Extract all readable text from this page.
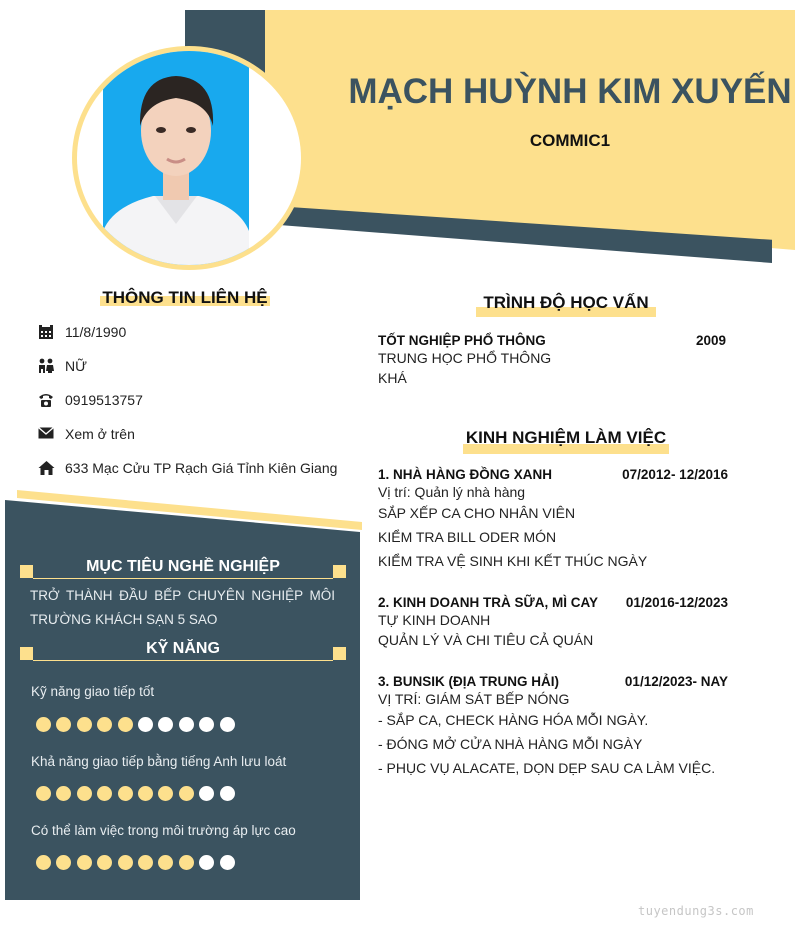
MẠCH HUỲNH KIM XUYẾN
COMMIC1
THÔNG TIN LIÊN HỆ
11/8/1990
NỮ
0919513757
Xem ở trên
633 Mạc Cửu TP Rạch Giá Tỉnh Kiên Giang
MỤC TIÊU NGHỀ NGHIỆP
TRỞ THÀNH ĐẦU BẾP CHUYÊN NGHIỆP MÔI
TRƯỜNG KHÁCH SẠN 5 SAO
KỸ NĂNG
Kỹ năng giao tiếp tốt
Khả năng giao tiếp bằng tiếng Anh lưu loát
Có thể làm việc trong môi trường áp lực cao
TRÌNH ĐỘ HỌC VẤN
TỐT NGHIỆP PHỔ THÔNG	2009
TRUNG HỌC PHỔ THÔNG
KHÁ
KINH NGHIỆM LÀM VIỆC
1. NHÀ HÀNG ĐỒNG XANH	07/2012- 12/2016
Vị trí: Quản lý nhà hàng
SẮP XẾP CA CHO NHÂN VIÊN
KIỂM TRA BILL ODER MÓN
KIỂM TRA VỆ SINH KHI KẾT THÚC NGÀY
2. KINH DOANH TRÀ SỮA, MÌ CAY 01/2016-12/2023
TỰ KINH DOANH
QUẢN LÝ VÀ CHI TIÊU CẢ QUÁN
3. BUNSIK (ĐỊA TRUNG HẢI)	01/12/2023- NAY
VỊ TRÍ: GIÁM SÁT BẾP NÓNG
- SẮP CA, CHECK HÀNG HÓA MỖI NGÀY.
- ĐÓNG MỞ CỬA NHÀ HÀNG MỖI NGÀY
- PHỤC VỤ ALACATE, DỌN DẸP SAU CA LÀM VIỆC.
tuyendung3s.com
